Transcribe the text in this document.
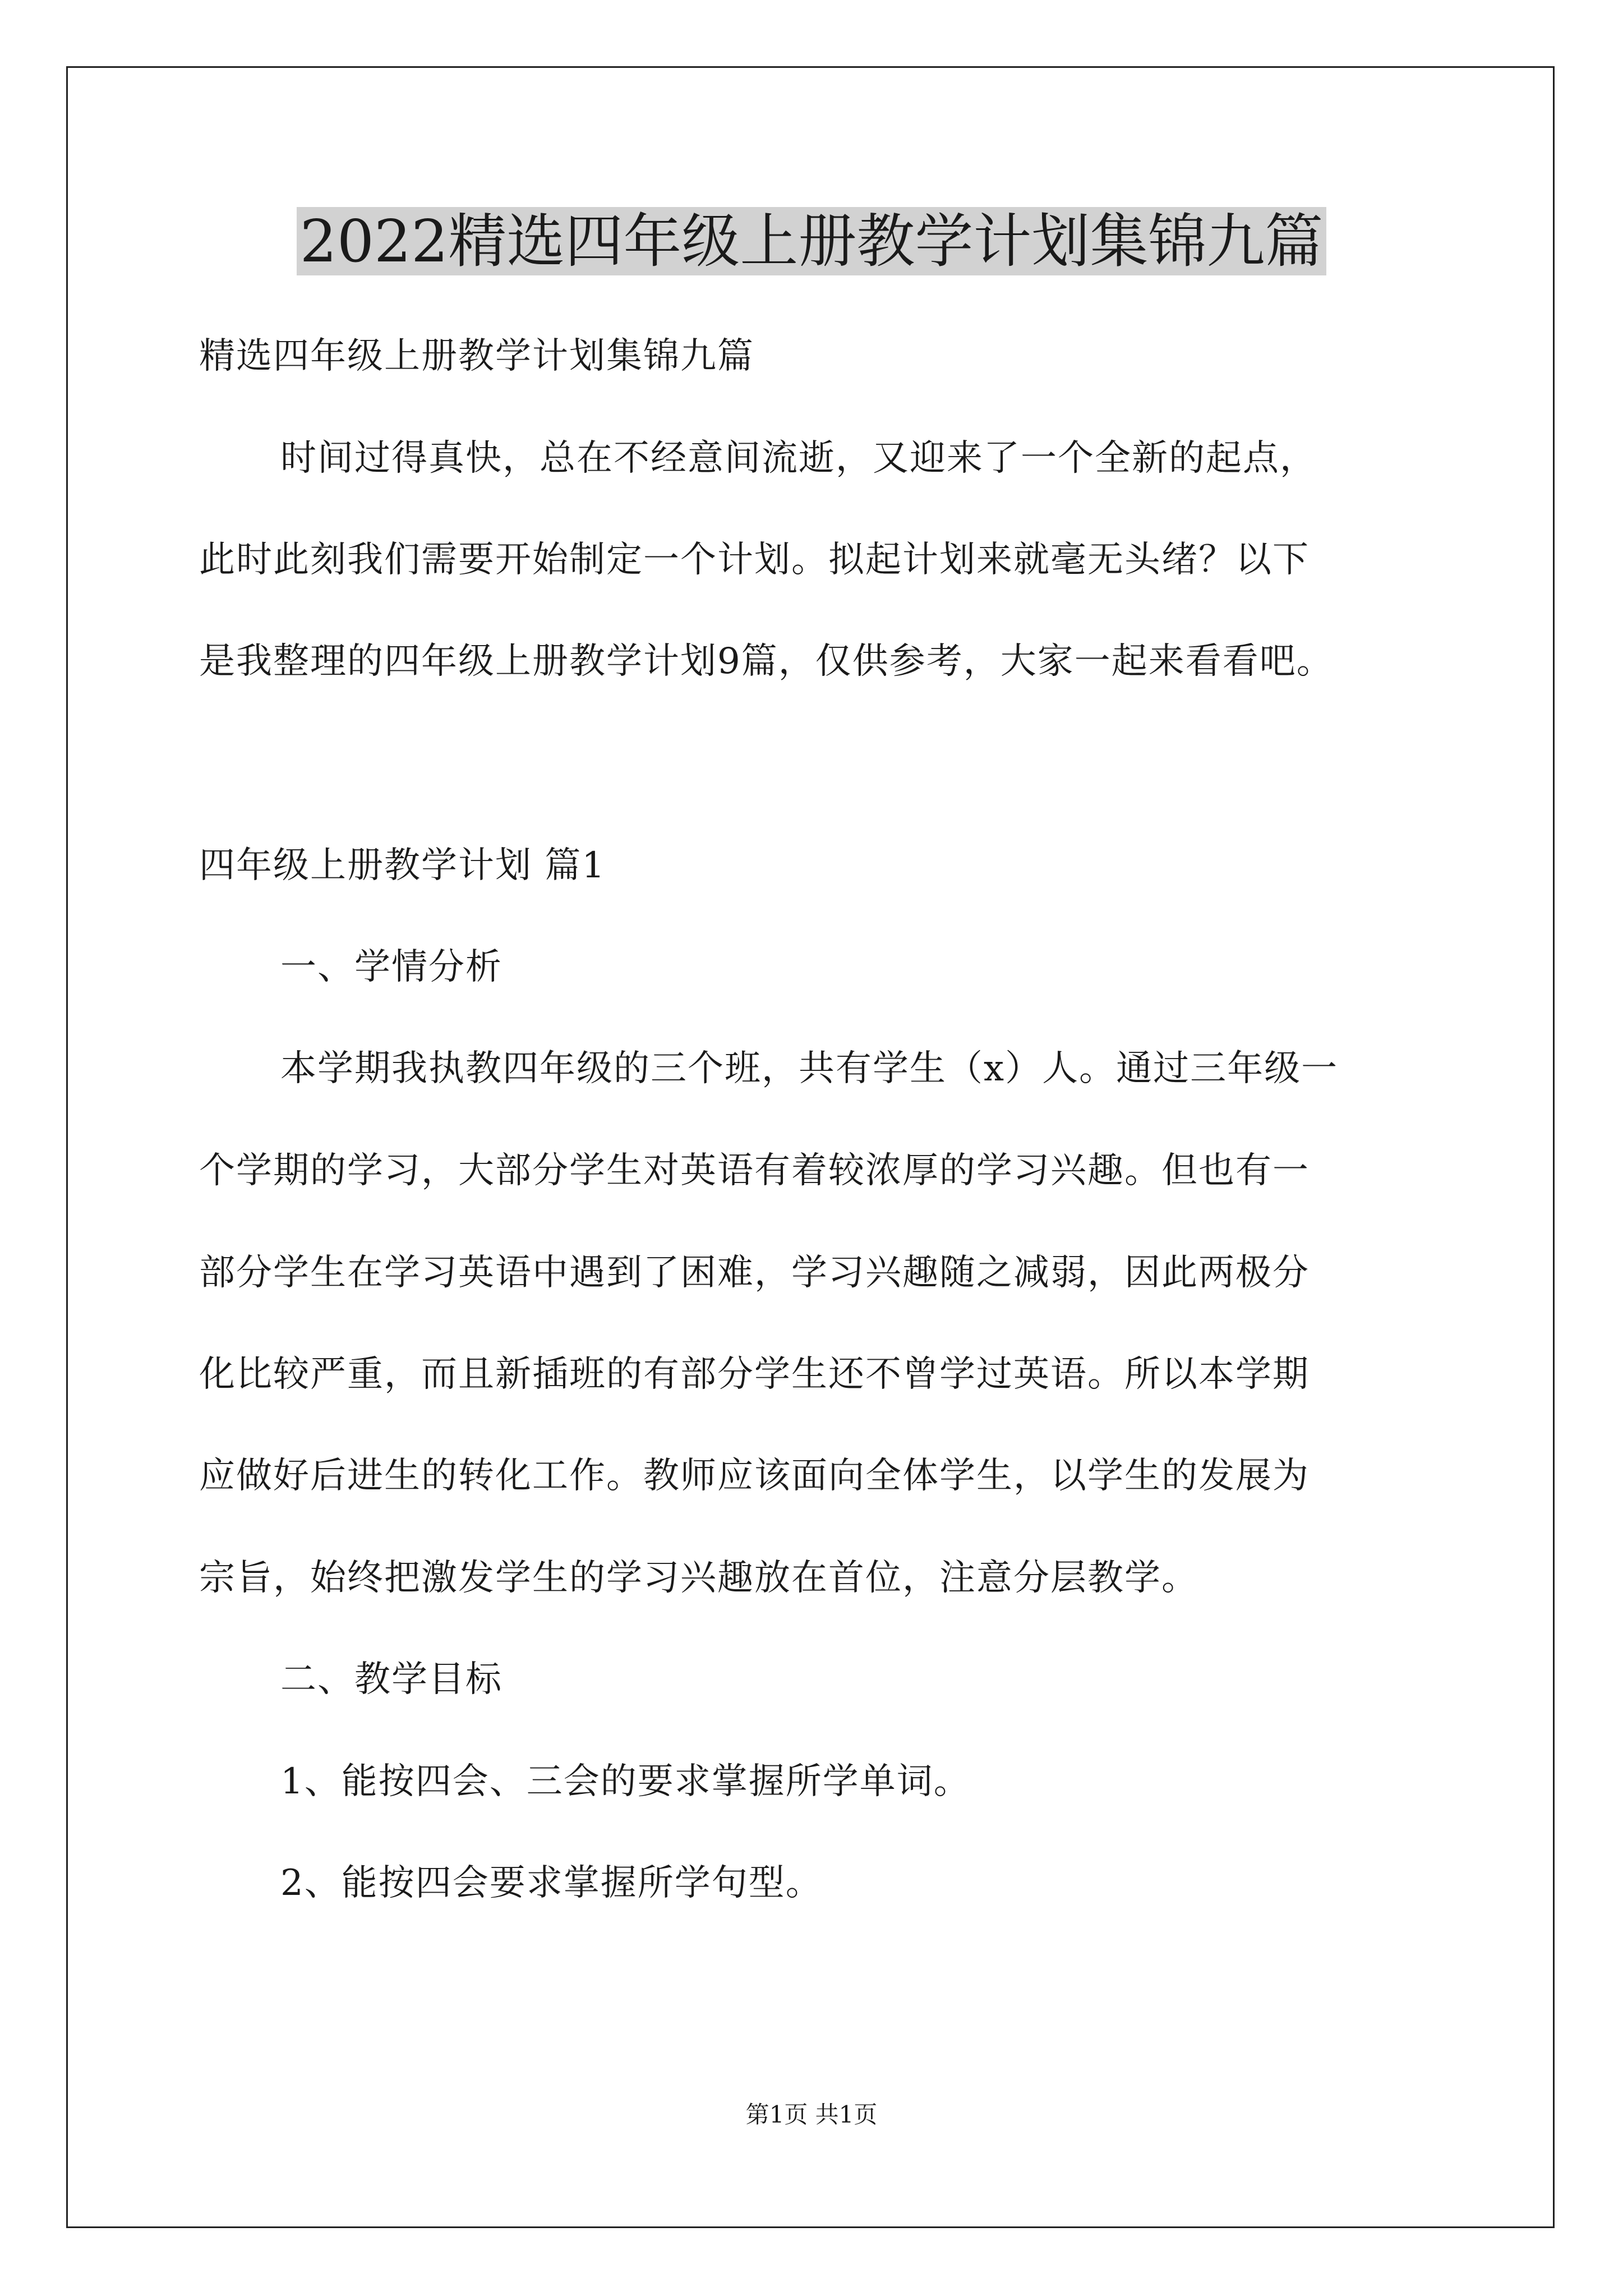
2022精选四年级上册教学计划集锦九篇
精选四年级上册教学计划集锦九篇
时间过得真快，总在不经意间流逝，又迎来了一个全新的起点，
此时此刻我们需要开始制定一个计划。拟起计划来就毫无头绪？以下
是我整理的四年级上册教学计划9篇，仅供参考，大家一起来看看吧。
四年级上册教学计划 篇1
一、学情分析
本学期我执教四年级的三个班，共有学生（x）人。通过三年级一
个学期的学习，大部分学生对英语有着较浓厚的学习兴趣。但也有一
部分学生在学习英语中遇到了困难，学习兴趣随之减弱，因此两极分
化比较严重，而且新插班的有部分学生还不曾学过英语。所以本学期
应做好后进生的转化工作。教师应该面向全体学生，以学生的发展为
宗旨，始终把激发学生的学习兴趣放在首位，注意分层教学。
二、教学目标
1、能按四会、三会的要求掌握所学单词。
2、能按四会要求掌握所学句型。
第1页 共1页
